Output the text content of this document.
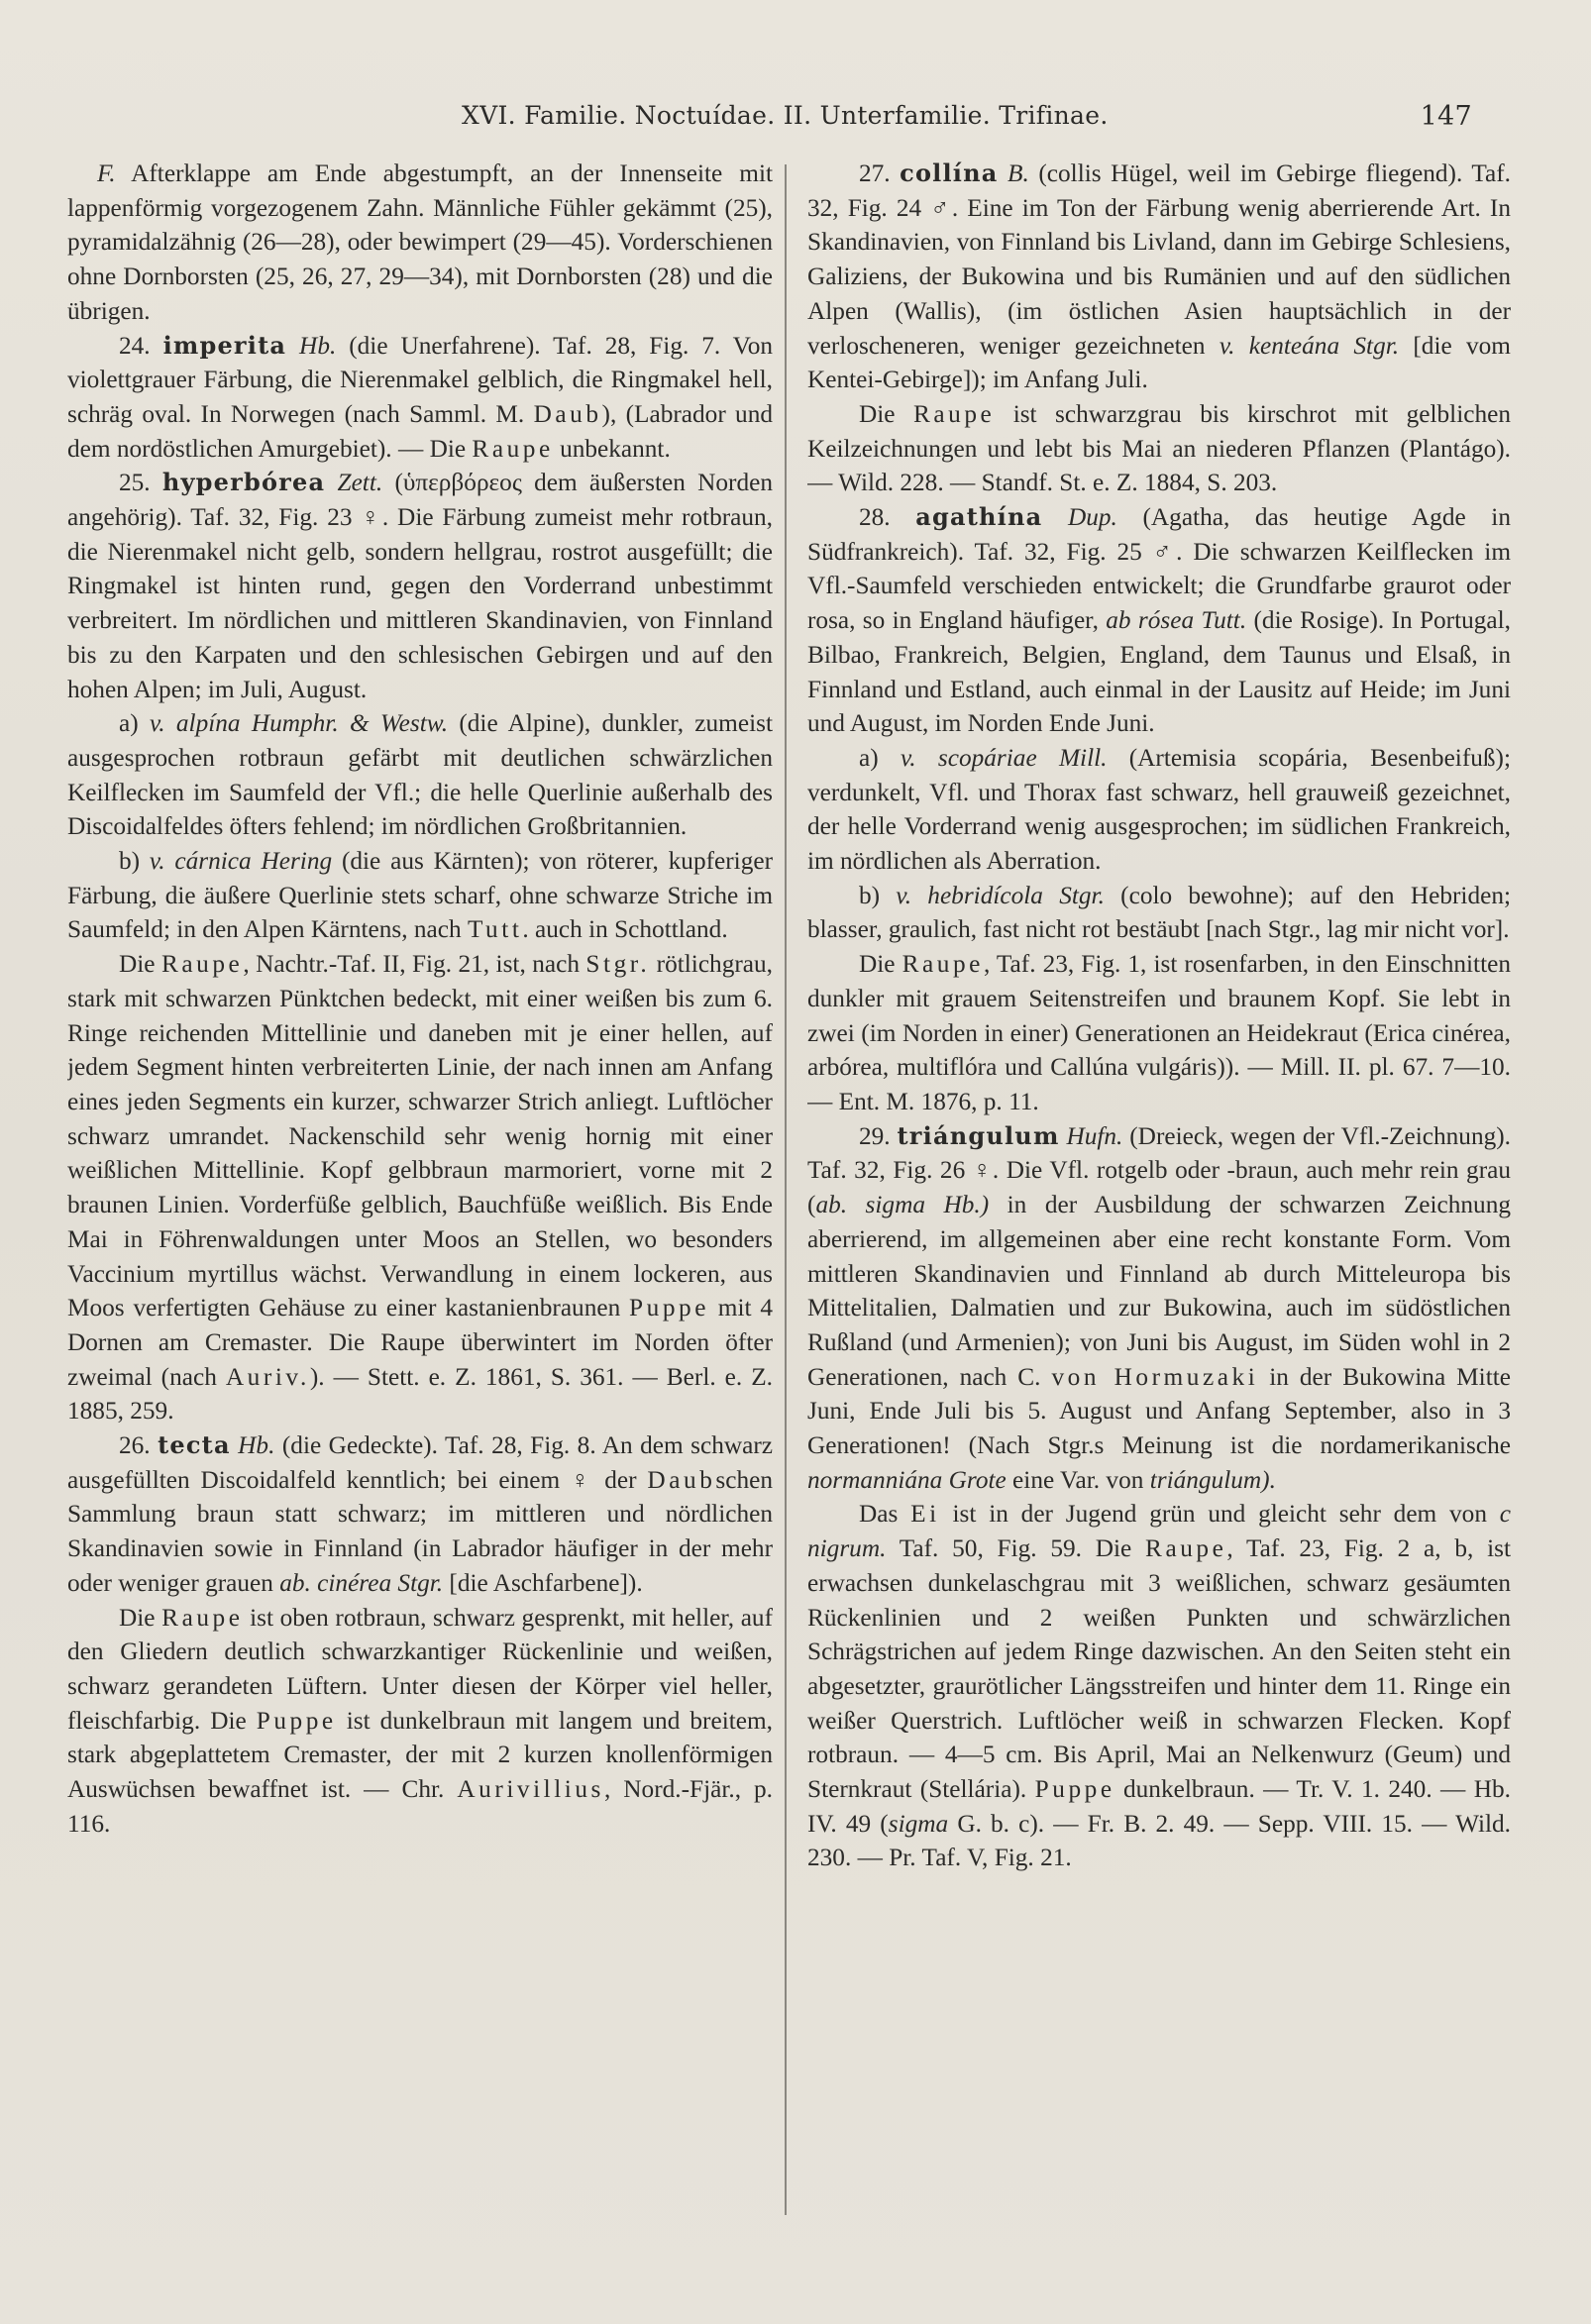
XVI. Familie. Noctuídae. II. Unterfamilie. Trifinae.	147

F. Afterklappe am Ende abgestumpft, an der Innenseite mit lappenförmig vorgezogenem Zahn. Männliche Fühler gekämmt (25), pyramidalzähnig (26—28), oder bewimpert (29—45). Vorderschienen ohne Dornborsten (25, 26, 27, 29—34), mit Dornborsten (28) und die übrigen.

24. imperita Hb. (die Unerfahrene). Taf. 28, Fig. 7. Von violettgrauer Färbung, die Nierenmakel gelblich, die Ringmakel hell, schräg oval. In Norwegen (nach Samml. M. Daub), (Labrador und dem nordöstlichen Amurgebiet). — Die Raupe unbekannt.

25. hyperbórea Zett. (ὑπερβόρεος dem äußersten Norden angehörig). Taf. 32, Fig. 23 ♀. Die Färbung zumeist mehr rotbraun, die Nierenmakel nicht gelb, sondern hellgrau, rostrot ausgefüllt; die Ringmakel ist hinten rund, gegen den Vorderrand unbestimmt verbreitert. Im nördlichen und mittleren Skandinavien, von Finnland bis zu den Karpaten und den schlesischen Gebirgen und auf den hohen Alpen; im Juli, August.

a) v. alpína Humphr. & Westw. (die Alpine), dunkler, zumeist ausgesprochen rotbraun gefärbt mit deutlichen schwärzlichen Keilflecken im Saumfeld der Vfl.; die helle Querlinie außerhalb des Discoidalfeldes öfters fehlend; im nördlichen Großbritannien.

b) v. cárnica Hering (die aus Kärnten); von röterer, kupferiger Färbung, die äußere Querlinie stets scharf, ohne schwarze Striche im Saumfeld; in den Alpen Kärntens, nach Tutt. auch in Schottland.

Die Raupe, Nachtr.-Taf. II, Fig. 21, ist, nach Stgr. rötlichgrau, stark mit schwarzen Pünktchen bedeckt, mit einer weißen bis zum 6. Ringe reichenden Mittellinie und daneben mit je einer hellen, auf jedem Segment hinten verbreiterten Linie, der nach innen am Anfang eines jeden Segments ein kurzer, schwarzer Strich anliegt. Luftlöcher schwarz umrandet. Nackenschild sehr wenig hornig mit einer weißlichen Mittellinie. Kopf gelbbraun marmoriert, vorne mit 2 braunen Linien. Vorderfüße gelblich, Bauchfüße weißlich. Bis Ende Mai in Föhrenwaldungen unter Moos an Stellen, wo besonders Vaccinium myrtillus wächst. Verwandlung in einem lockeren, aus Moos verfertigten Gehäuse zu einer kastanienbraunen Puppe mit 4 Dornen am Cremaster. Die Raupe überwintert im Norden öfter zweimal (nach Auriv.). — Stett. e. Z. 1861, S. 361. — Berl. e. Z. 1885, 259.

26. tecta Hb. (die Gedeckte). Taf. 28, Fig. 8. An dem schwarz ausgefüllten Discoidalfeld kenntlich; bei einem ♀ der Daubschen Sammlung braun statt schwarz; im mittleren und nördlichen Skandinavien sowie in Finnland (in Labrador häufiger in der mehr oder weniger grauen ab. cinérea Stgr. [die Aschfarbene]).

Die Raupe ist oben rotbraun, schwarz gesprenkt, mit heller, auf den Gliedern deutlich schwarzkantiger Rückenlinie und weißen, schwarz gerandeten Lüftern. Unter diesen der Körper viel heller, fleischfarbig. Die Puppe ist dunkelbraun mit langem und breitem, stark abgeplattetem Cremaster, der mit 2 kurzen knollenförmigen Auswüchsen bewaffnet ist. — Chr. Aurivillius, Nord.-Fjär., p. 116.

27. collína B. (collis Hügel, weil im Gebirge fliegend). Taf. 32, Fig. 24 ♂. Eine im Ton der Färbung wenig aberrierende Art. In Skandinavien, von Finnland bis Livland, dann im Gebirge Schlesiens, Galiziens, der Bukowina und bis Rumänien und auf den südlichen Alpen (Wallis), (im östlichen Asien hauptsächlich in der verloscheneren, weniger gezeichneten v. kenteána Stgr. [die vom Kentei-Gebirge]); im Anfang Juli.

Die Raupe ist schwarzgrau bis kirschrot mit gelblichen Keilzeichnungen und lebt bis Mai an niederen Pflanzen (Plantágo). — Wild. 228. — Standf. St. e. Z. 1884, S. 203.

28. agathína Dup. (Agatha, das heutige Agde in Südfrankreich). Taf. 32, Fig. 25 ♂. Die schwarzen Keilflecken im Vfl.-Saumfeld verschieden entwickelt; die Grundfarbe graurot oder rosa, so in England häufiger, ab rósea Tutt. (die Rosige). In Portugal, Bilbao, Frankreich, Belgien, England, dem Taunus und Elsaß, in Finnland und Estland, auch einmal in der Lausitz auf Heide; im Juni und August, im Norden Ende Juni.

a) v. scopáriae Mill. (Artemisia scopária, Besenbeifuß); verdunkelt, Vfl. und Thorax fast schwarz, hell grauweiß gezeichnet, der helle Vorderrand wenig ausgesprochen; im südlichen Frankreich, im nördlichen als Aberration.

b) v. hebridícola Stgr. (colo bewohne); auf den Hebriden; blasser, graulich, fast nicht rot bestäubt [nach Stgr., lag mir nicht vor].

Die Raupe, Taf. 23, Fig. 1, ist rosenfarben, in den Einschnitten dunkler mit grauem Seitenstreifen und braunem Kopf. Sie lebt in zwei (im Norden in einer) Generationen an Heidekraut (Erica cinérea, arbórea, multiflóra und Callúna vulgáris)). — Mill. II. pl. 67. 7—10. — Ent. M. 1876, p. 11.

29. triángulum Hufn. (Dreieck, wegen der Vfl.-Zeichnung). Taf. 32, Fig. 26 ♀. Die Vfl. rotgelb oder -braun, auch mehr rein grau (ab. sigma Hb.) in der Ausbildung der schwarzen Zeichnung aberrierend, im allgemeinen aber eine recht konstante Form. Vom mittleren Skandinavien und Finnland ab durch Mitteleuropa bis Mittelitalien, Dalmatien und zur Bukowina, auch im südöstlichen Rußland (und Armenien); von Juni bis August, im Süden wohl in 2 Generationen, nach C. von Hormuzaki in der Bukowina Mitte Juni, Ende Juli bis 5. August und Anfang September, also in 3 Generationen! (Nach Stgr.s Meinung ist die nordamerikanische normanniána Grote eine Var. von triángulum).

Das Ei ist in der Jugend grün und gleicht sehr dem von c nigrum. Taf. 50, Fig. 59. Die Raupe, Taf. 23, Fig. 2 a, b, ist erwachsen dunkelaschgrau mit 3 weißlichen, schwarz gesäumten Rückenlinien und 2 weißen Punkten und schwärzlichen Schrägstrichen auf jedem Ringe dazwischen. An den Seiten steht ein abgesetzter, graurötlicher Längsstreifen und hinter dem 11. Ringe ein weißer Querstrich. Luftlöcher weiß in schwarzen Flecken. Kopf rotbraun. — 4—5 cm. Bis April, Mai an Nelkenwurz (Geum) und Sternkraut (Stellária). Puppe dunkelbraun. — Tr. V. 1. 240. — Hb. IV. 49 (sigma G. b. c). — Fr. B. 2. 49. — Sepp. VIII. 15. — Wild. 230. — Pr. Taf. V, Fig. 21.
